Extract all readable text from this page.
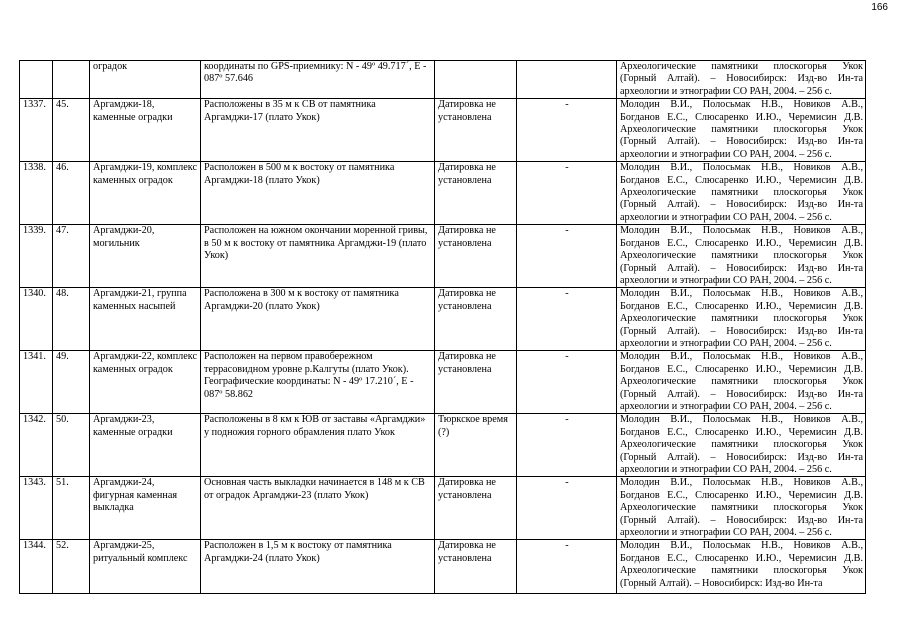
166
		оградок	координаты по GPS-приемнику: N - 49º 49.717´, E - 087º 57.646			Археологические памятники плоскогорья Укок (Горный Алтай). – Новосибирск: Изд-во Ин-та археологии и этнографии СО РАН, 2004. – 256 с.
1337.	45.	Аргамджи-18, каменные оградки	Расположены в 35 м к СВ от памятника Аргамджи-17 (плато Укок)	Датировка не установлена	-	Молодин В.И., Полосьмак Н.В., Новиков А.В., Богданов Е.С., Слюсаренко И.Ю., Черемисин Д.В. Археологические памятники плоскогорья Укок (Горный Алтай). – Новосибирск: Изд-во Ин-та археологии и этнографии СО РАН, 2004. – 256 с.
1338.	46.	Аргамджи-19, комплекс каменных оградок	Расположен в 500 м к востоку от памятника Аргамджи-18 (плато Укок)	Датировка не установлена	-	Молодин В.И., Полосьмак Н.В., Новиков А.В., Богданов Е.С., Слюсаренко И.Ю., Черемисин Д.В. Археологические памятники плоскогорья Укок (Горный Алтай). – Новосибирск: Изд-во Ин-та археологии и этнографии СО РАН, 2004. – 256 с.
1339.	47.	Аргамджи-20, могильник	Расположен на южном окончании моренной гривы, в 50 м к востоку от памятника Аргамджи-19 (плато Укок)	Датировка не установлена	-	Молодин В.И., Полосьмак Н.В., Новиков А.В., Богданов Е.С., Слюсаренко И.Ю., Черемисин Д.В. Археологические памятники плоскогорья Укок (Горный Алтай). – Новосибирск: Изд-во Ин-та археологии и этнографии СО РАН, 2004. – 256 с.
1340.	48.	Аргамджи-21, группа каменных насыпей	Расположена в 300 м к востоку от памятника Аргамджи-20 (плато Укок)	Датировка не установлена	-	Молодин В.И., Полосьмак Н.В., Новиков А.В., Богданов Е.С., Слюсаренко И.Ю., Черемисин Д.В. Археологические памятники плоскогорья Укок (Горный Алтай). – Новосибирск: Изд-во Ин-та археологии и этнографии СО РАН, 2004. – 256 с.
1341.	49.	Аргамджи-22, комплекс каменных оградок	Расположен на первом правобережном террасовидном уровне р.Калгуты (плато Укок). Географические координаты: N - 49º 17.210´, E - 087º 58.862	Датировка не установлена	-	Молодин В.И., Полосьмак Н.В., Новиков А.В., Богданов Е.С., Слюсаренко И.Ю., Черемисин Д.В. Археологические памятники плоскогорья Укок (Горный Алтай). – Новосибирск: Изд-во Ин-та археологии и этнографии СО РАН, 2004. – 256 с.
1342.	50.	Аргамджи-23, каменные оградки	Расположены в 8 км к ЮВ от заставы «Аргамджи» у подножия горного обрамления плато Укок	Тюркское время (?)	-	Молодин В.И., Полосьмак Н.В., Новиков А.В., Богданов Е.С., Слюсаренко И.Ю., Черемисин Д.В. Археологические памятники плоскогорья Укок (Горный Алтай). – Новосибирск: Изд-во Ин-та археологии и этнографии СО РАН, 2004. – 256 с.
1343.	51.	Аргамджи-24, фигурная каменная выкладка	Основная часть выкладки начинается в 148 м к СВ от оградок Аргамджи-23 (плато Укок)	Датировка не установлена	-	Молодин В.И., Полосьмак Н.В., Новиков А.В., Богданов Е.С., Слюсаренко И.Ю., Черемисин Д.В. Археологические памятники плоскогорья Укок (Горный Алтай). – Новосибирск: Изд-во Ин-та археологии и этнографии СО РАН, 2004. – 256 с.
1344.	52.	Аргамджи-25, ритуальный комплекс	Расположен в 1,5 м к востоку от памятника Аргамджи-24 (плато Укок)	Датировка не установлена	-	Молодин В.И., Полосьмак Н.В., Новиков А.В., Богданов Е.С., Слюсаренко И.Ю., Черемисин Д.В. Археологические памятники плоскогорья Укок (Горный Алтай). – Новосибирск: Изд-во Ин-та
